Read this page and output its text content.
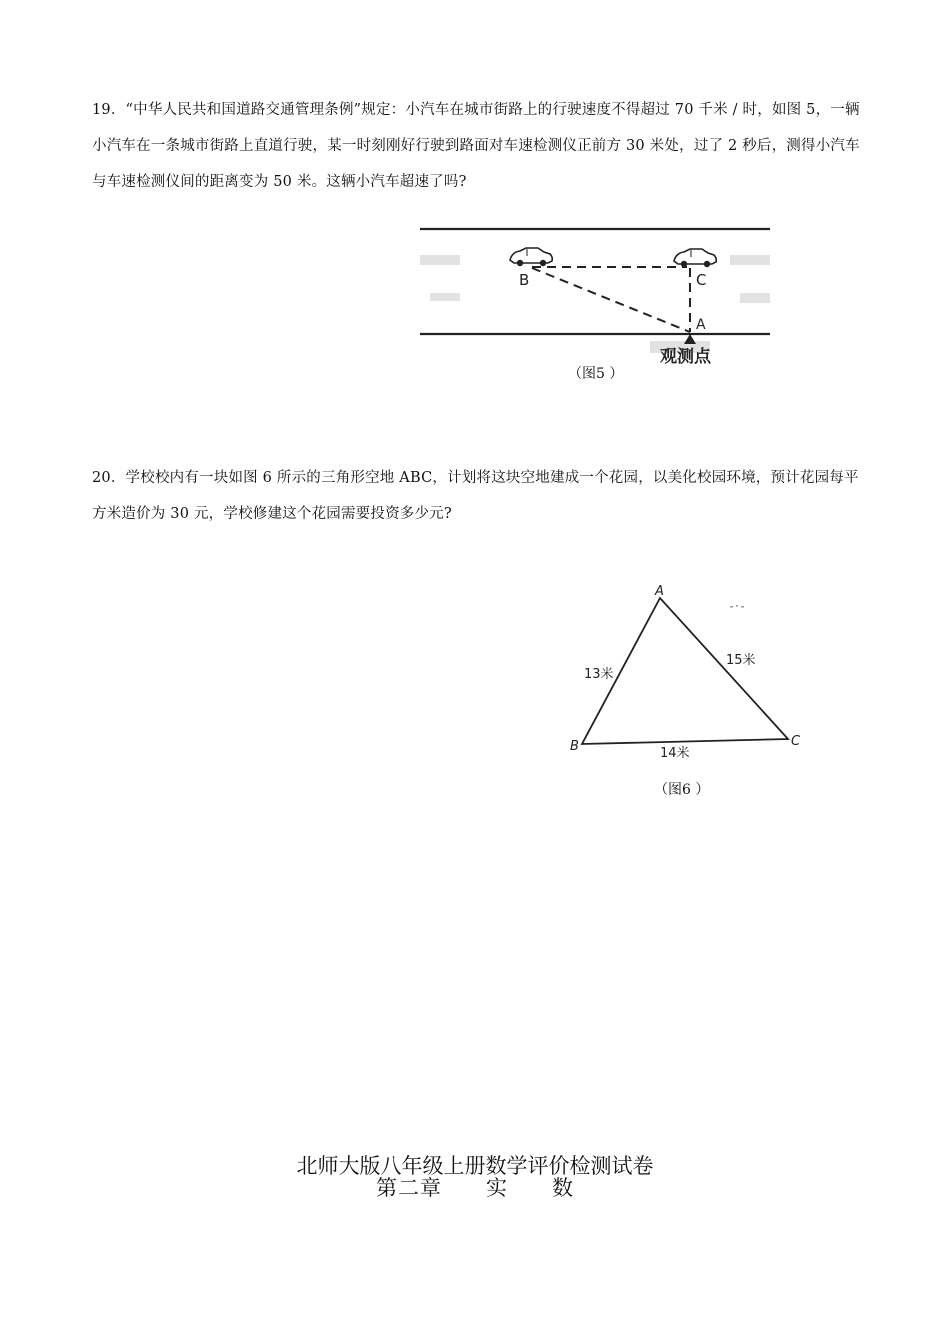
19．“中华人民共和国道路交通管理条例”规定：小汽车在城市街路上的行驶速度不得超过 70 千米 / 时，如图 5，一辆小汽车在一条城市街路上直道行驶，某一时刻刚好行驶到路面对车速检测仪正前方 30 米处，过了 2 秒后，测得小汽车与车速检测仪间的距离变为 50 米。这辆小汽车超速了吗?

B	C
A
观测点
（图5 ）

20．学校校内有一块如图 6 所示的三角形空地 ABC，计划将这块空地建成一个花园，以美化校园环境，预计花园每平方米造价为 30 元，学校修建这个花园需要投资多少元?

A
B	C
13米
15米
14米
（图6 ）
北师大版八年级上册数学评价检测试卷
第二章　　实　　数
